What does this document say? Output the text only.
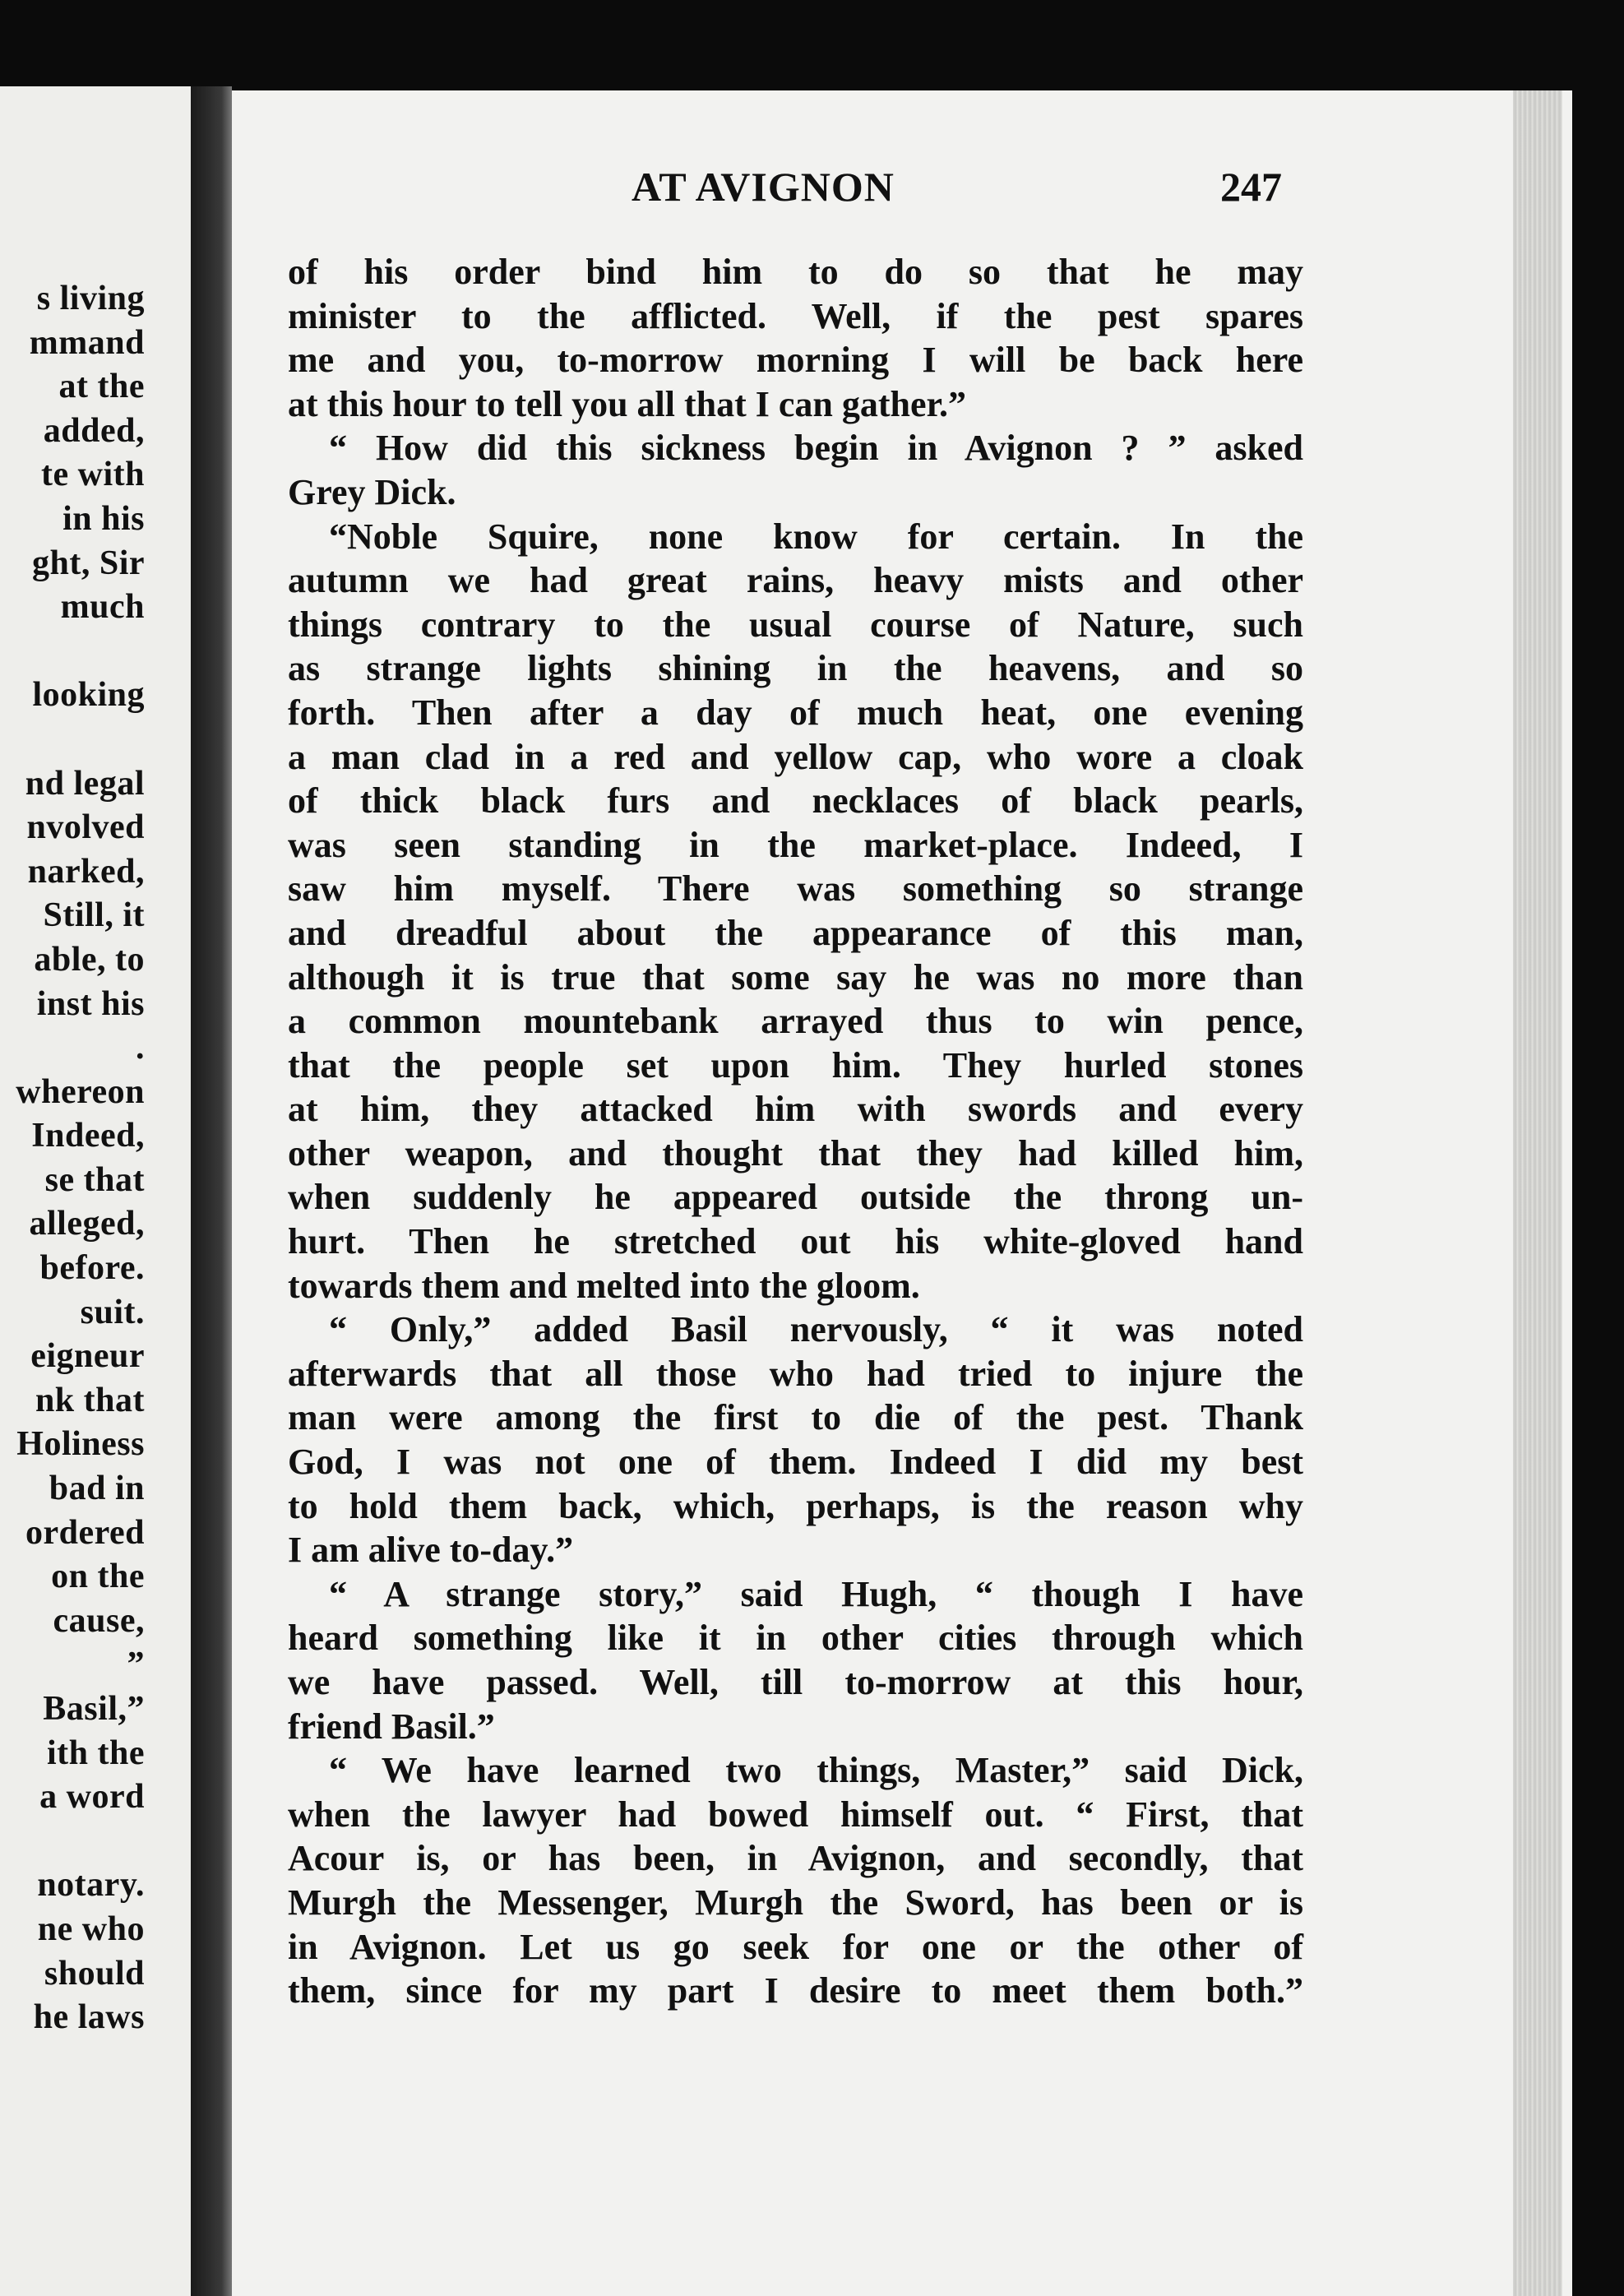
s living
mmand
at the
added,
te with
in his
ght, Sir
much
looking
nd legal
nvolved
narked,
Still, it
able, to
inst his
.
whereon
Indeed,
se that
alleged,
before.
suit.
eigneur
nk that
Holiness
bad in
ordered
on the
cause,
”
Basil,”
ith the
a word
notary.
ne who
should
he laws
AT AVIGNON	247
of his order bind him to do so that he may
minister to the afflicted. Well, if the pest spares
me and you, to-morrow morning I will be back here
at this hour to tell you all that I can gather.”
“ How did this sickness begin in Avignon ? ” asked
Grey Dick.
“Noble Squire, none know for certain. In the
autumn we had great rains, heavy mists and other
things contrary to the usual course of Nature, such
as strange lights shining in the heavens, and so
forth. Then after a day of much heat, one evening
a man clad in a red and yellow cap, who wore a cloak
of thick black furs and necklaces of black pearls,
was seen standing in the market-place. Indeed, I
saw him myself. There was something so strange
and dreadful about the appearance of this man,
although it is true that some say he was no more than
a common mountebank arrayed thus to win pence,
that the people set upon him. They hurled stones
at him, they attacked him with swords and every
other weapon, and thought that they had killed him,
when suddenly he appeared outside the throng un-
hurt. Then he stretched out his white-gloved hand
towards them and melted into the gloom.
“ Only,” added Basil nervously, “ it was noted
afterwards that all those who had tried to injure the
man were among the first to die of the pest. Thank
God, I was not one of them. Indeed I did my best
to hold them back, which, perhaps, is the reason why
I am alive to-day.”
“ A strange story,” said Hugh, “ though I have
heard something like it in other cities through which
we have passed. Well, till to-morrow at this hour,
friend Basil.”
“ We have learned two things, Master,” said Dick,
when the lawyer had bowed himself out. “ First, that
Acour is, or has been, in Avignon, and secondly, that
Murgh the Messenger, Murgh the Sword, has been or is
in Avignon. Let us go seek for one or the other of
them, since for my part I desire to meet them both.”
